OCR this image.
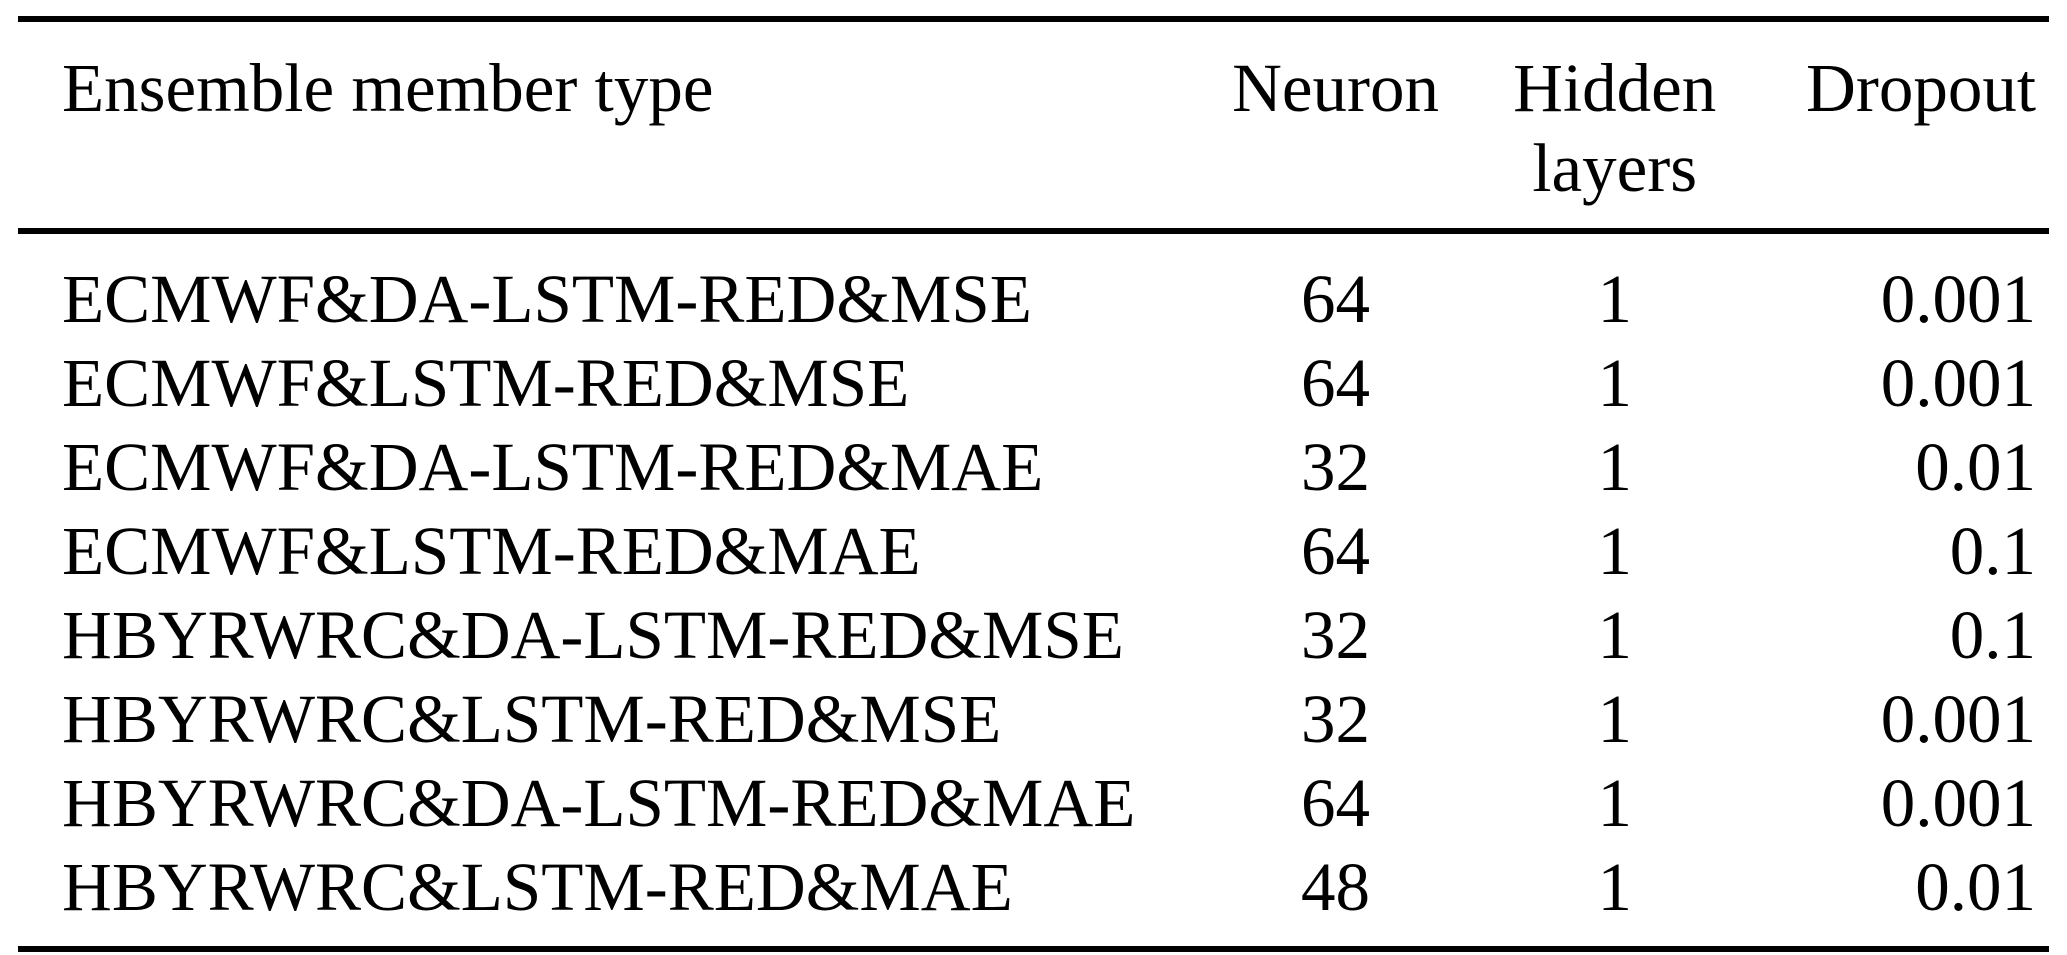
Ensemble member type	Neuron	Hidden layers	Dropout
ECMWF&DA-LSTM-RED&MSE	64	1	0.001
ECMWF&LSTM-RED&MSE	64	1	0.001
ECMWF&DA-LSTM-RED&MAE	32	1	0.01
ECMWF&LSTM-RED&MAE	64	1	0.1
HBYRWRC&DA-LSTM-RED&MSE	32	1	0.1
HBYRWRC&LSTM-RED&MSE	32	1	0.001
HBYRWRC&DA-LSTM-RED&MAE	64	1	0.001
HBYRWRC&LSTM-RED&MAE	48	1	0.01
